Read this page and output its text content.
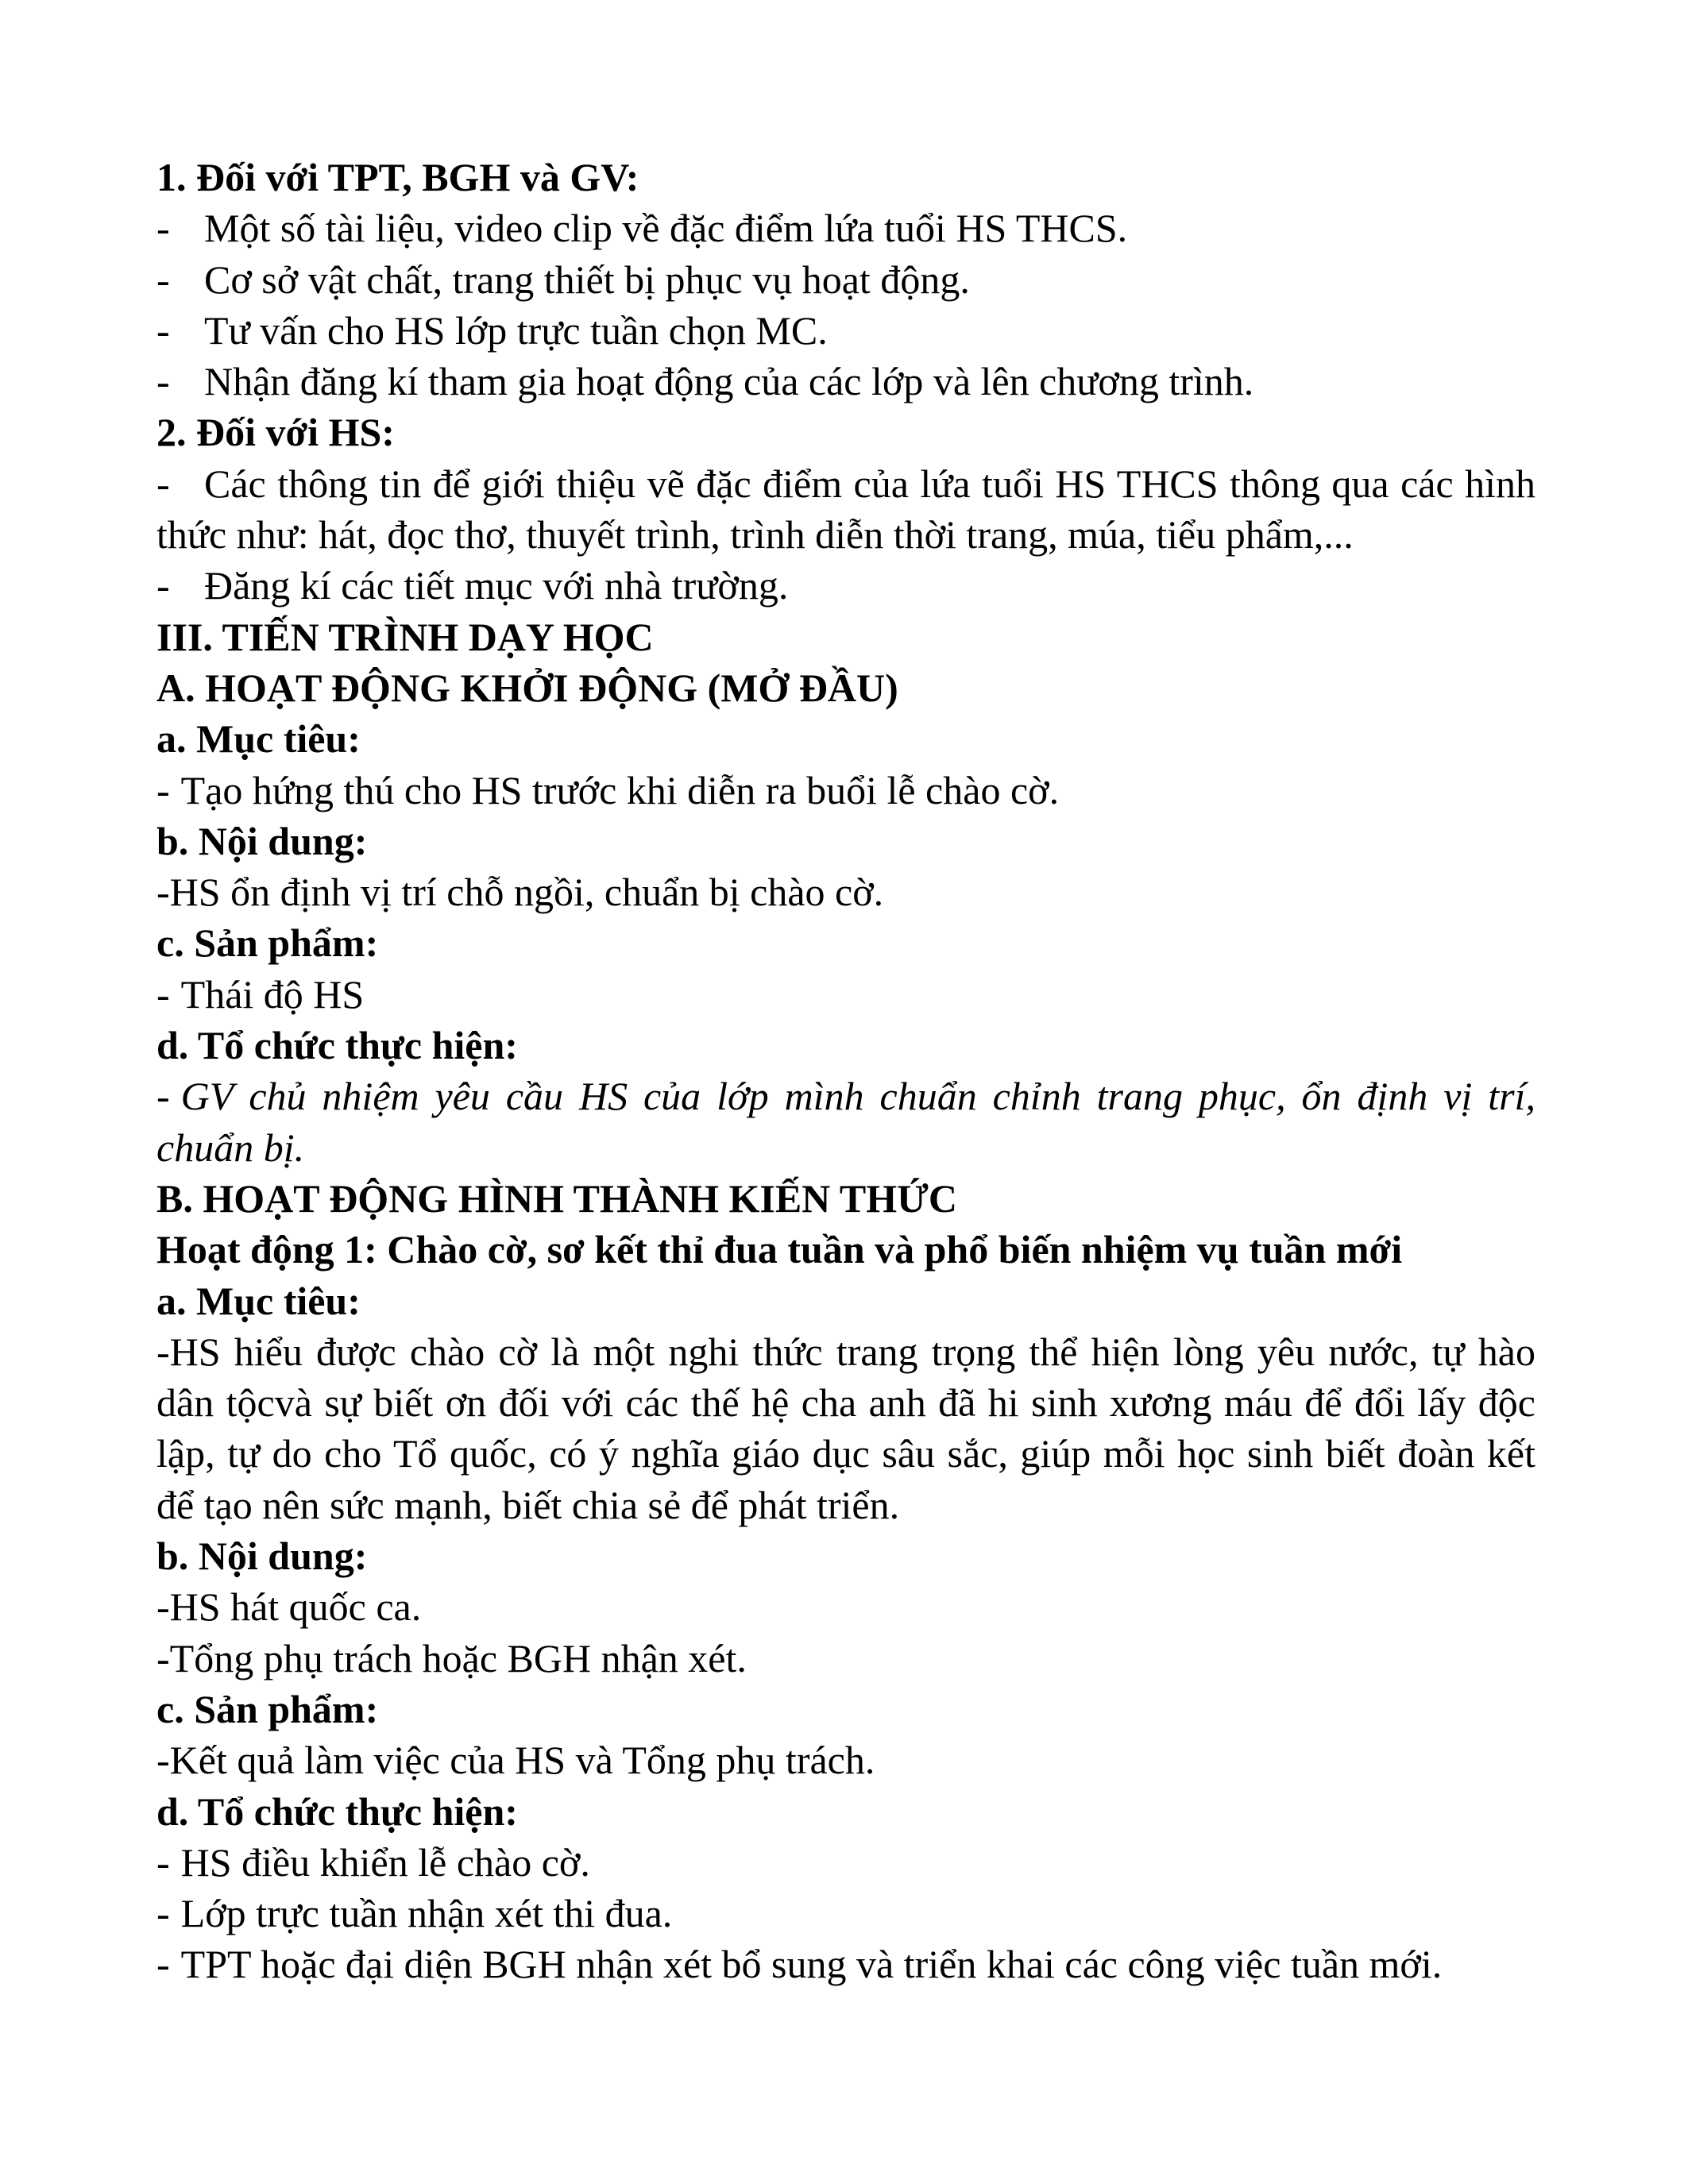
1. Đối với TPT, BGH và GV:

- Một số tài liệu, video clip về đặc điểm lứa tuổi HS THCS.

- Cơ sở vật chất, trang thiết bị phục vụ hoạt động.

- Tư vấn cho HS lớp trực tuần chọn MC.

- Nhận đăng kí tham gia hoạt động của các lớp và lên chương trình.

2. Đối với HS:

- Các thông tin để giới thiệu vẽ đặc điểm của lứa tuổi HS THCS thông qua các hình thức như: hát, đọc thơ, thuyết trình, trình diễn thời trang, múa, tiểu phẩm,...

- Đăng kí các tiết mục với nhà trường.

III. TIẾN TRÌNH DẠY HỌC

A. HOẠT ĐỘNG KHỞI ĐỘNG (MỞ ĐẦU)

a. Mục tiêu:

- Tạo hứng thú cho HS trước khi diễn ra buổi lễ chào cờ.

b. Nội dung:

-HS ổn định vị trí chỗ ngồi, chuẩn bị chào cờ.

c. Sản phẩm:

- Thái độ HS

d. Tổ chức thực hiện:

- GV chủ nhiệm yêu cầu HS của lớp mình chuẩn chỉnh trang phục, ổn định vị trí, chuẩn bị.

B. HOẠT ĐỘNG HÌNH THÀNH KIẾN THỨC

Hoạt động 1: Chào cờ, sơ kết thỉ đua tuần và phổ biến nhiệm vụ tuần mới

a. Mục tiêu:

-HS hiểu được chào cờ là một nghi thức trang trọng thể hiện lòng yêu nước, tự hào dân tộcvà sự biết ơn đối với các thế hệ cha anh đã hi sinh xương máu để đổi lấy độc lập, tự do cho Tổ quốc, có ý nghĩa giáo dục sâu sắc, giúp mỗi học sinh biết đoàn kết để tạo nên sức mạnh, biết chia sẻ để phát triển.

b. Nội dung:

-HS hát quốc ca.

-Tổng phụ trách hoặc BGH nhận xét.

c. Sản phẩm:

-Kết quả làm việc của HS và Tổng phụ trách.

d. Tổ chức thực hiện:

- HS điều khiển lễ chào cờ.

- Lớp trực tuần nhận xét thi đua.

- TPT hoặc đại diện BGH nhận xét bổ sung và triển khai các công việc tuần mới.
